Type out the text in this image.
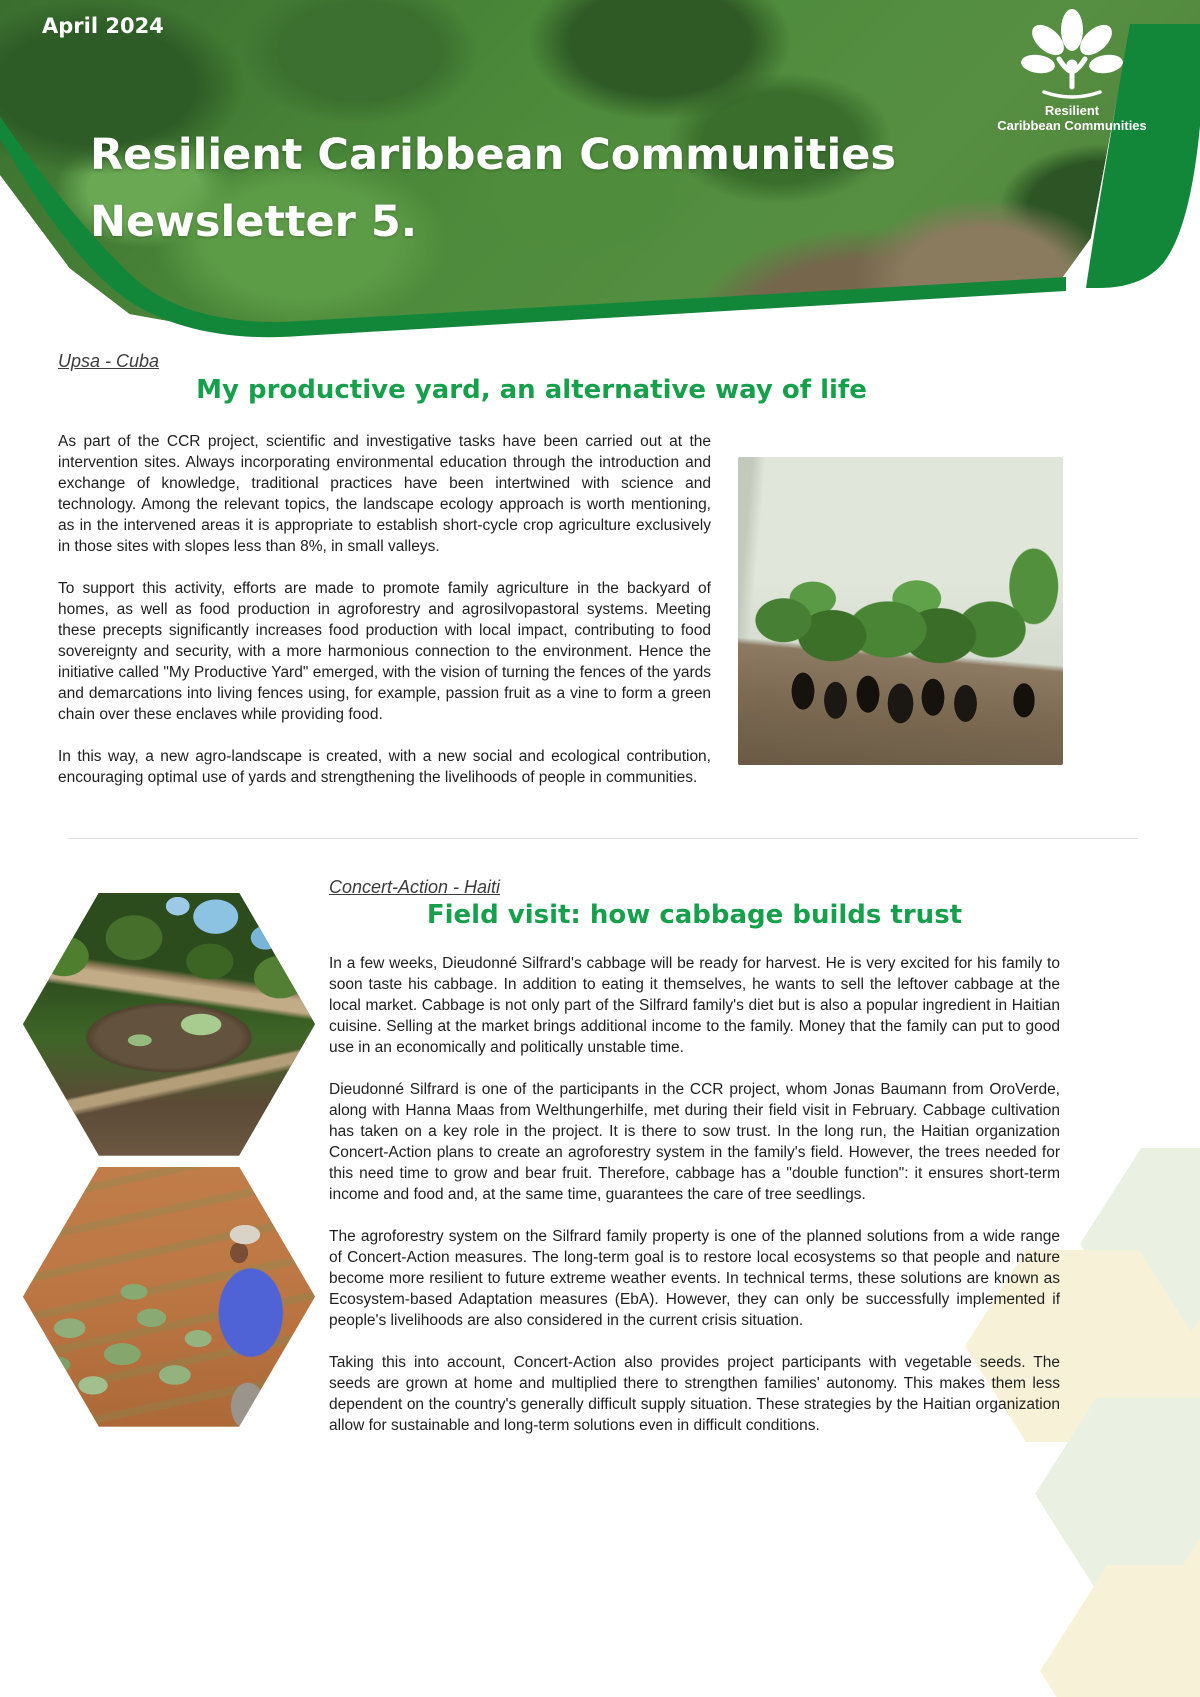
April 2024
Resilient Caribbean Communities
Newsletter 5.
Resilient
Caribbean Communities
Upsa - Cuba
My productive yard, an alternative way of life

As part of the CCR project, scientific and investigative tasks have been carried out at the intervention sites. Always incorporating environmental education through the introduction and exchange of knowledge, traditional practices have been intertwined with science and technology. Among the relevant topics, the landscape ecology approach is worth mentioning, as in the intervened areas it is appropriate to establish short-cycle crop agriculture exclusively in those sites with slopes less than 8%, in small valleys.

To support this activity, efforts are made to promote family agriculture in the backyard of homes, as well as food production in agroforestry and agrosilvopastoral systems. Meeting these precepts significantly increases food production with local impact, contributing to food sovereignty and security, with a more harmonious connection to the environment. Hence the initiative called "My Productive Yard" emerged, with the vision of turning the fences of the yards and demarcations into living fences using, for example, passion fruit as a vine to form a green chain over these enclaves while providing food.

In this way, a new agro-landscape is created, with a new social and ecological contribution, encouraging optimal use of yards and strengthening the livelihoods of people in communities.

Concert-Action - Haiti
Field visit: how cabbage builds trust

In a few weeks, Dieudonné Silfrard's cabbage will be ready for harvest. He is very excited for his family to soon taste his cabbage. In addition to eating it themselves, he wants to sell the leftover cabbage at the local market. Cabbage is not only part of the Silfrard family's diet but is also a popular ingredient in Haitian cuisine. Selling at the market brings additional income to the family. Money that the family can put to good use in an economically and politically unstable time.

Dieudonné Silfrard is one of the participants in the CCR project, whom Jonas Baumann from OroVerde, along with Hanna Maas from Welthungerhilfe, met during their field visit in February. Cabbage cultivation has taken on a key role in the project. It is there to sow trust. In the long run, the Haitian organization Concert-Action plans to create an agroforestry system in the family's field. However, the trees needed for this need time to grow and bear fruit. Therefore, cabbage has a "double function": it ensures short-term income and food and, at the same time, guarantees the care of tree seedlings.

The agroforestry system on the Silfrard family property is one of the planned solutions from a wide range of Concert-Action measures. The long-term goal is to restore local ecosystems so that people and nature become more resilient to future extreme weather events. In technical terms, these solutions are known as Ecosystem-based Adaptation measures (EbA). However, they can only be successfully implemented if people's livelihoods are also considered in the current crisis situation.

Taking this into account, Concert-Action also provides project participants with vegetable seeds. The seeds are grown at home and multiplied there to strengthen families' autonomy. This makes them less dependent on the country's generally difficult supply situation. These strategies by the Haitian organization allow for sustainable and long-term solutions even in difficult conditions.
